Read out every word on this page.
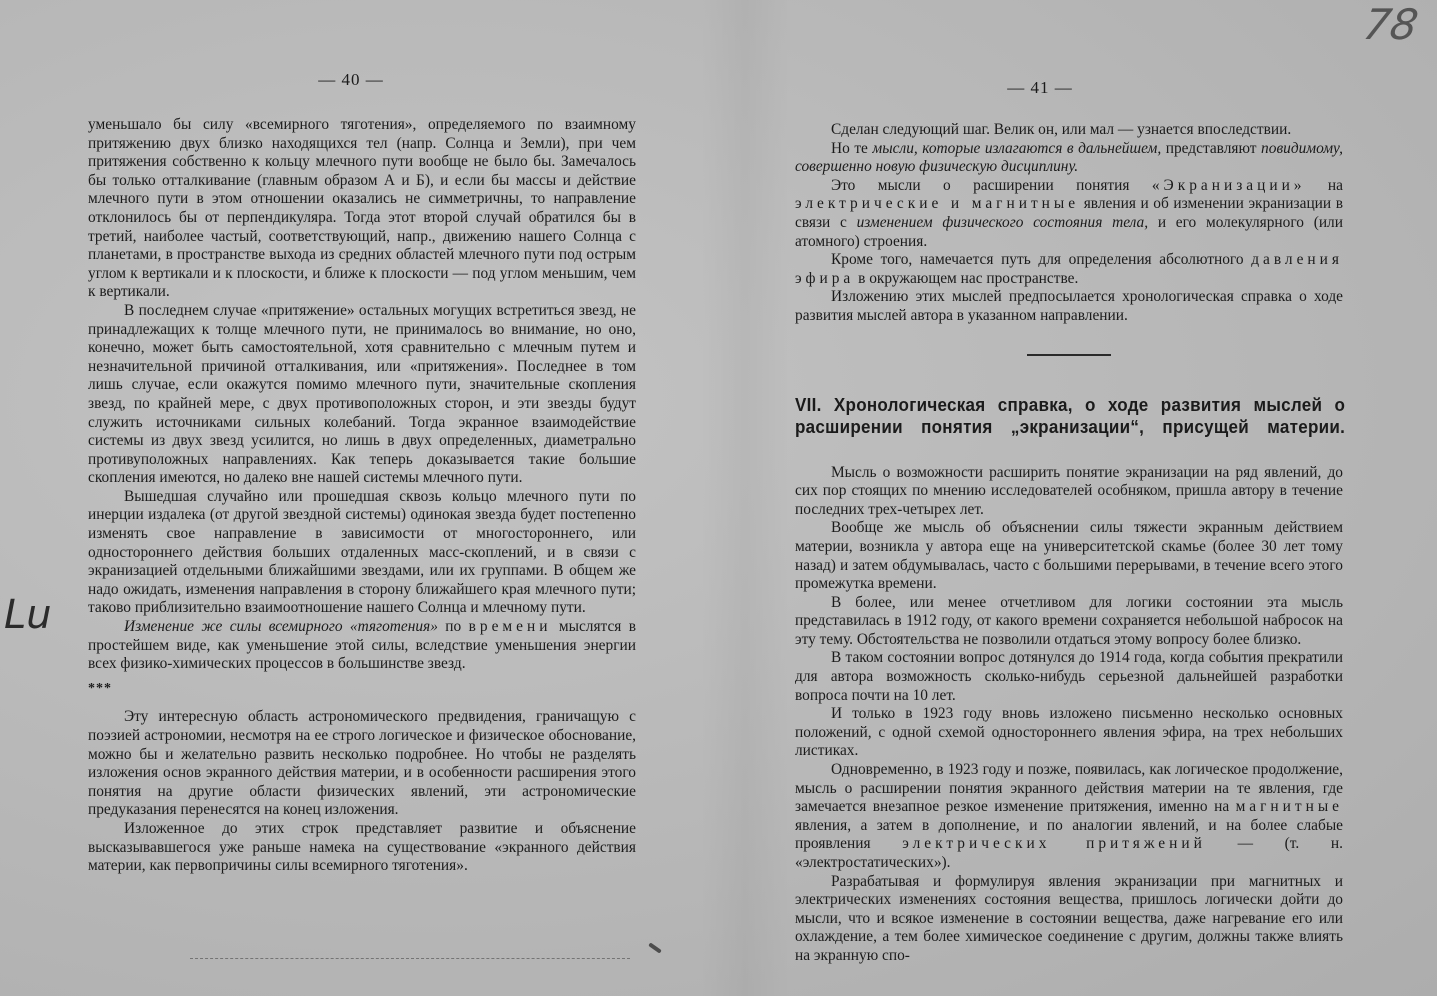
78
Lu
— 40 —

уменьшало бы силу «всемирного тяготения», определяемого по взаимному притяжению двух близко находящихся тел (напр. Солнца и Земли), при чем притяжения собственно к кольцу млечного пути вообще не было бы. Замечалось бы только отталкивание (главным образом А и Б), и если бы массы и действие млечного пути в этом отношении оказались не симметричны, то направление отклонилось бы от перпендикуляра. Тогда этот второй случай обратился бы в третий, наиболее частый, соответствующий, напр., движению нашего Солнца с планетами, в пространстве выхода из средних областей млечного пути под острым углом к вертикали и к плоскости, и ближе к плоскости — под углом меньшим, чем к вертикали.

В последнем случае «притяжение» остальных могущих встретиться звезд, не принадлежащих к толще млечного пути, не принималось во внимание, но оно, конечно, может быть самостоятельной, хотя сравнительно с млечным путем и незначительной причиной отталкивания, или «притяжения». Последнее в том лишь случае, если окажутся помимо млечного пути, значительные скопления звезд, по крайней мере, с двух противоположных сторон, и эти звезды будут служить источниками сильных колебаний. Тогда экранное взаимодействие системы из двух звезд усилится, но лишь в двух определенных, диаметрально противуположных направлениях. Как теперь доказывается такие большие скопления имеются, но далеко вне нашей системы млечного пути.

Вышедшая случайно или прошедшая сквозь кольцо млечного пути по инерции издалека (от другой звездной системы) одинокая звезда будет постепенно изменять свое направление в зависимости от многостороннего, или одностороннего действия больших отдаленных масс-скоплений, и в связи с экранизацией отдельными ближайшими звездами, или их группами. В общем же надо ожидать, изменения направления в сторону ближайшего края млечного пути; таково приблизительно взаимоотношение нашего Солнца и млечному пути.

Изменение же силы всемирного «тяготения» по времени мыслятся в простейшем виде, как уменьшение этой силы, вследствие уменьшения энергии всех физико-химических процессов в большинстве звезд.

***

Эту интересную область астрономического предвидения, граничащую с поэзией астрономии, несмотря на ее строго логическое и физическое обоснование, можно бы и желательно развить несколько подробнее. Но чтобы не разделять изложения основ экранного действия материи, и в особенности расширения этого понятия на другие области физических явлений, эти астрономические предуказания перенесятся на конец изложения.

Изложенное до этих строк представляет развитие и объяснение высказывавшегося уже раньше намека на существование «экранного действия материи, как первопричины силы всемирного тяготения».

— 41 —

Сделан следующий шаг. Велик он, или мал — узнается впоследствии.

Но те мысли, которые излагаются в дальнейшем, представляют повидимому, совершенно новую физическую дисциплину.

Это мысли о расширении понятия «Экранизации» на электрические и магнитные явления и об изменении экранизации в связи с изменением физического состояния тела, и его молекулярного (или атомного) строения.

Кроме того, намечается путь для определения абсолютного давления эфира в окружающем нас пространстве.

Изложению этих мыслей предпосылается хронологическая справка о ходе развития мыслей автора в указанном направлении.

VII. Хронологическая справка, о ходе развития мыслей о расширении понятия „экранизации“, присущей материи.

Мысль о возможности расширить понятие экранизации на ряд явлений, до сих пор стоящих по мнению исследователей особняком, пришла автору в течение последних трех-четырех лет.

Вообще же мысль об объяснении силы тяжести экранным действием материи, возникла у автора еще на университетской скамье (более 30 лет тому назад) и затем обдумывалась, часто с большими перерывами, в течение всего этого промежутка времени.

В более, или менее отчетливом для логики состоянии эта мысль представилась в 1912 году, от какого времени сохраняется небольшой набросок на эту тему. Обстоятельства не позволили отдаться этому вопросу более близко.

В таком состоянии вопрос дотянулся до 1914 года, когда события прекратили для автора возможность сколько-нибудь серьезной дальнейшей разработки вопроса почти на 10 лет.

И только в 1923 году вновь изложено письменно несколько основных положений, с одной схемой одностороннего явления эфира, на трех небольших листиках.

Одновременно, в 1923 году и позже, появилась, как логическое продолжение, мысль о расширении понятия экранного действия материи на те явления, где замечается внезапное резкое изменение притяжения, именно на магнитные явления, а затем в дополнение, и по аналогии явлений, и на более слабые проявления электрических притяжений — (т. н. «электростатических»).

Разрабатывая и формулируя явления экранизации при магнитных и электрических изменениях состояния вещества, пришлось логически дойти до мысли, что и всякое изменение в состоянии вещества, даже нагревание его или охлаждение, а тем более химическое соединение с другим, должны также влиять на экранную спо-
